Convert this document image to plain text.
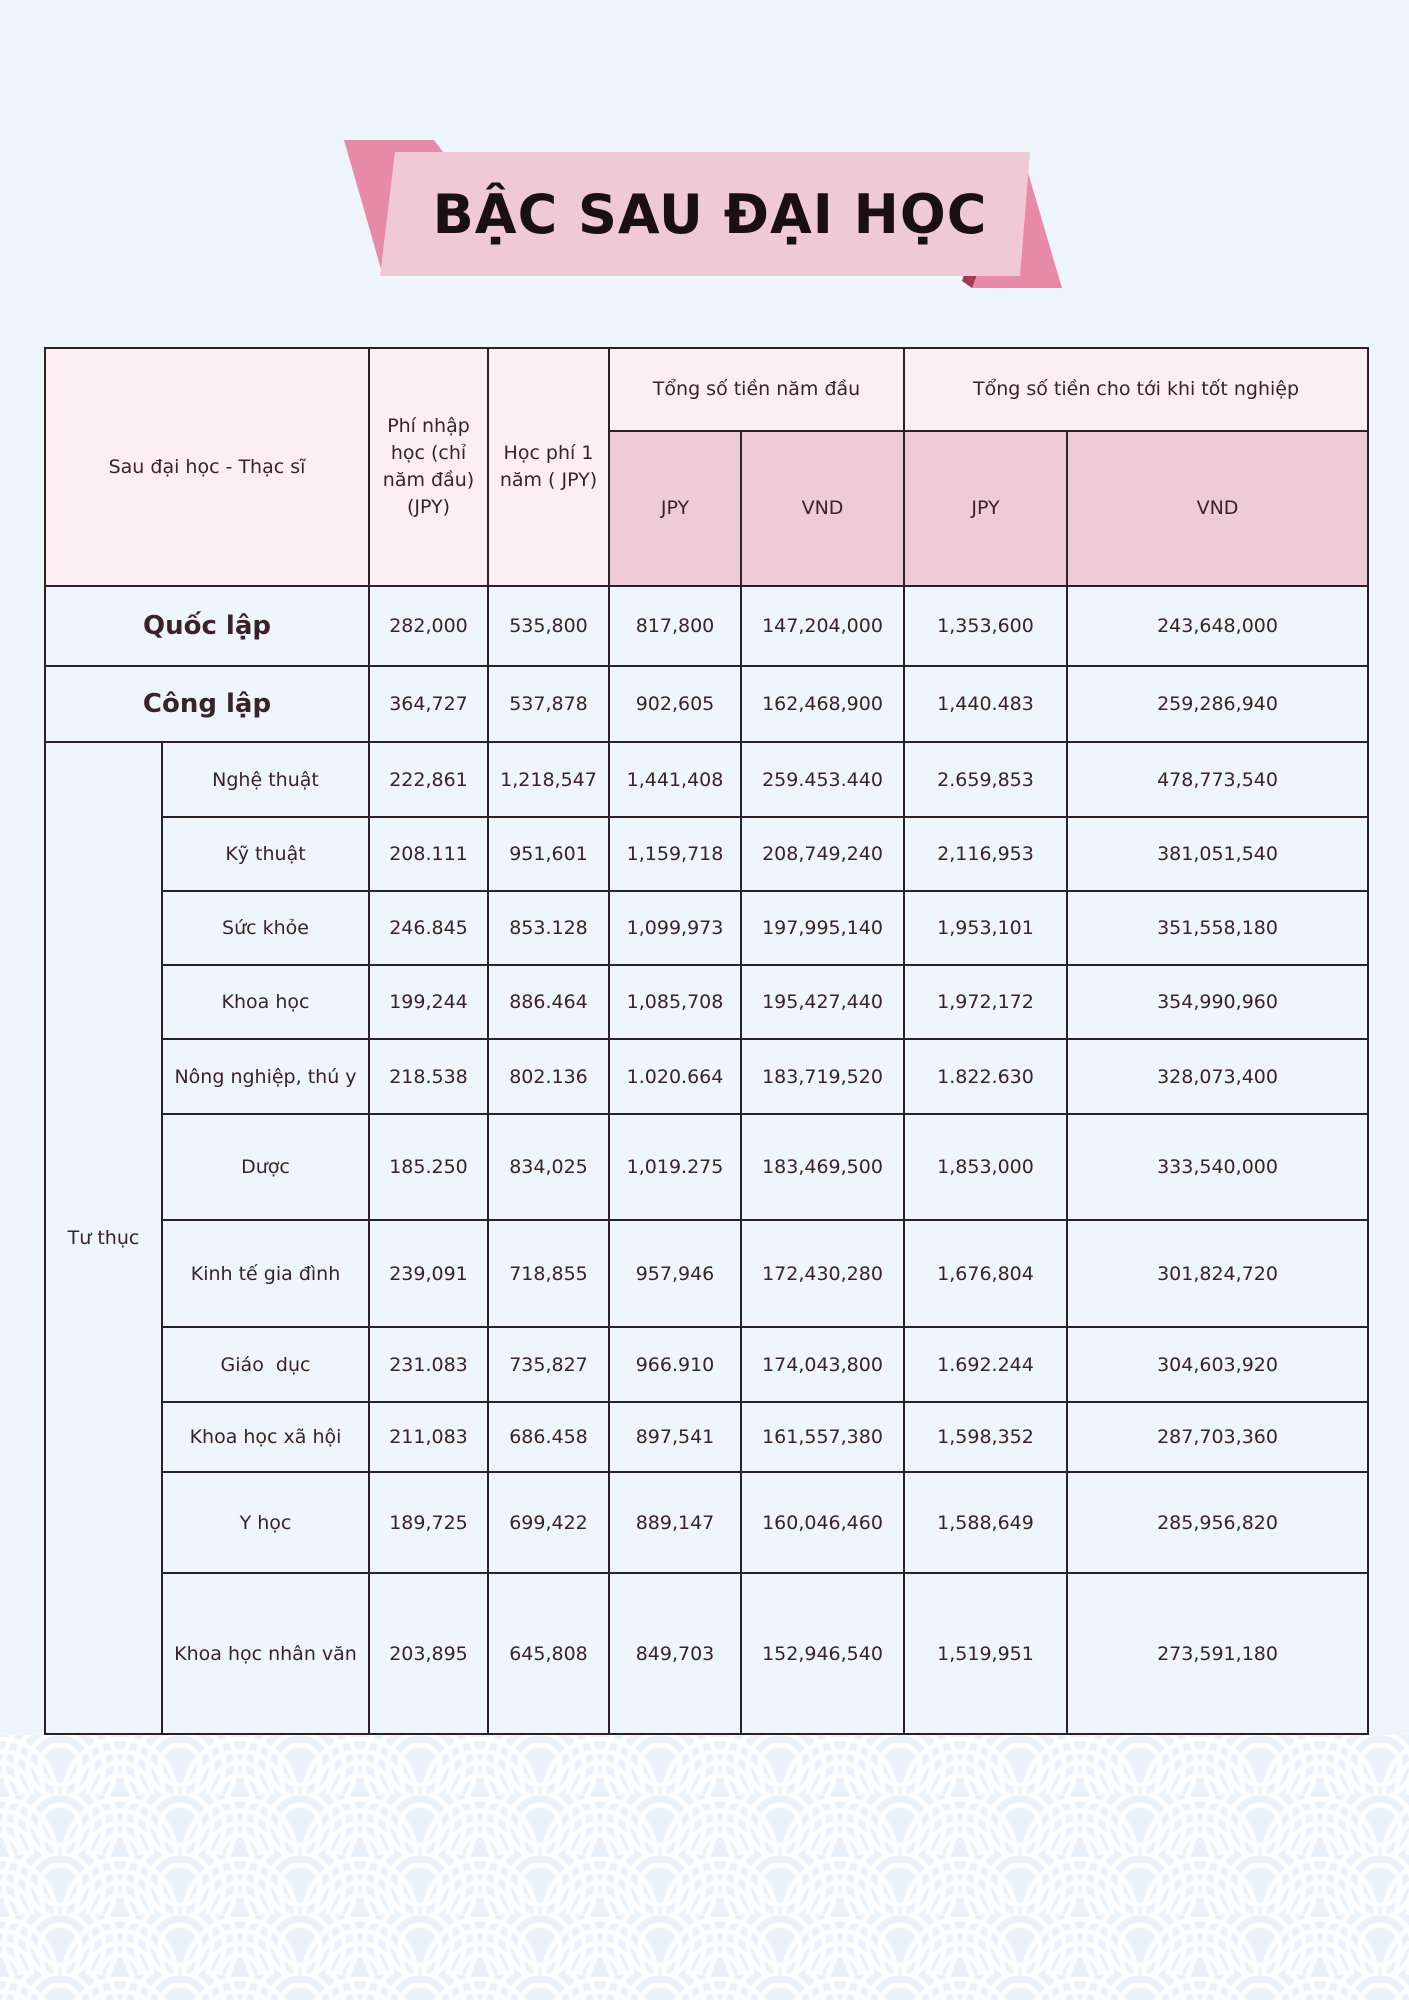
BẬC SAU ĐẠI HỌC
Sau đại học - Thạc sĩ		Phí nhập học (chỉ năm đầu) (JPY)	Học phí 1 năm ( JPY)	Tổng số tiền năm đầu		Tổng số tiền cho tới khi tốt nghiệp	
				JPY	VND	JPY	VND
Quốc lập		282,000	535,800	817,800	147,204,000	1,353,600	243,648,000
Công lập		364,727	537,878	902,605	162,468,900	1,440.483	259,286,940
Tư thục	Nghệ thuật	222,861	1,218,547	1,441,408	259.453.440	2.659,853	478,773,540
	Kỹ thuật	208.111	951,601	1,159,718	208,749,240	2,116,953	381,051,540
	Sức khỏe	246.845	853.128	1,099,973	197,995,140	1,953,101	351,558,180
	Khoa học	199,244	886.464	1,085,708	195,427,440	1,972,172	354,990,960
	Nông nghiệp, thú y	218.538	802.136	1.020.664	183,719,520	1.822.630	328,073,400
	Dược	185.250	834,025	1,019.275	183,469,500	1,853,000	333,540,000
	Kinh tế gia đình	239,091	718,855	957,946	172,430,280	1,676,804	301,824,720
	Giáo  dục	231.083	735,827	966.910	174,043,800	1.692.244	304,603,920
	Khoa học xã hội	211,083	686.458	897,541	161,557,380	1,598,352	287,703,360
	Y học	189,725	699,422	889,147	160,046,460	1,588,649	285,956,820
	Khoa học nhân văn	203,895	645,808	849,703	152,946,540	1,519,951	273,591,180
